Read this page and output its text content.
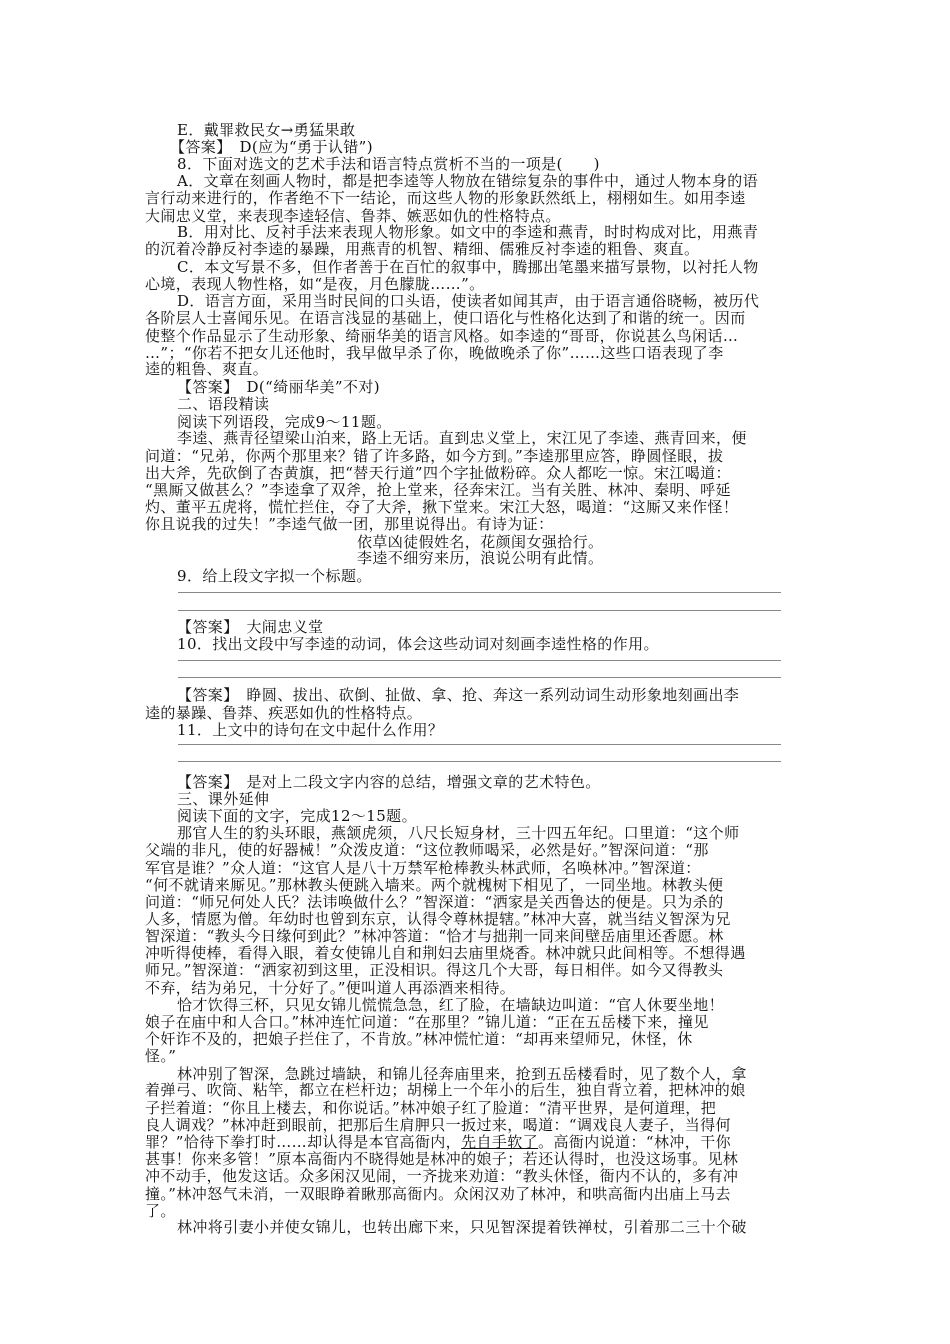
E．戴罪救民女→勇猛果敢
【答案】　D(应为“勇于认错”)
8．下面对选文的艺术手法和语言特点赏析不当的一项是(　　)
A．文章在刻画人物时，都是把李逵等人物放在错综复杂的事件中，通过人物本身的语
言行动来进行的，作者绝不下一结论，而这些人物的形象跃然纸上，栩栩如生。如用李逵
大闹忠义堂，来表现李逵轻信、鲁莽、嫉恶如仇的性格特点。
B．用对比、反衬手法来表现人物形象。如文中的李逵和燕青，时时构成对比，用燕青
的沉着冷静反衬李逵的暴躁，用燕青的机智、精细、儒雅反衬李逵的粗鲁、爽直。
C．本文写景不多，但作者善于在百忙的叙事中，腾挪出笔墨来描写景物，以衬托人物
心境，表现人物性格，如“是夜，月色朦胧……”。
D．语言方面，采用当时民间的口头语，使读者如闻其声，由于语言通俗晓畅，被历代
各阶层人士喜闻乐见。在语言浅显的基础上，使口语化与性格化达到了和谐的统一。因而
使整个作品显示了生动形象、绮丽华美的语言风格。如李逵的“哥哥，你说甚么鸟闲话…
…”；“你若不把女儿还他时，我早做早杀了你，晚做晚杀了你”……这些口语表现了李
逵的粗鲁、爽直。
【答案】　D(“绮丽华美”不对)
二、语段精读
阅读下列语段，完成9～11题。
李逵、燕青径望梁山泊来，路上无话。直到忠义堂上，宋江见了李逵、燕青回来，便
问道：“兄弟，你两个那里来？错了许多路，如今方到。”李逵那里应答，睁圆怪眼，拔
出大斧，先砍倒了杏黄旗，把“替天行道”四个字扯做粉碎。众人都吃一惊。宋江喝道：
“黑厮又做甚么？”李逵拿了双斧，抢上堂来，径奔宋江。当有关胜、林冲、秦明、呼延
灼、董平五虎将，慌忙拦住，夺了大斧，揪下堂来。宋江大怒，喝道：“这厮又来作怪！
你且说我的过失！”李逵气做一团，那里说得出。有诗为证：
依草凶徒假姓名，花颜闺女强拾行。
李逵不细穷来历，浪说公明有此情。
9．给上段文字拟一个标题。
【答案】　大闹忠义堂
10．找出文段中写李逵的动词，体会这些动词对刻画李逵性格的作用。
【答案】　睁圆、拔出、砍倒、扯做、拿、抢、奔这一系列动词生动形象地刻画出李
逵的暴躁、鲁莽、疾恶如仇的性格特点。
11．上文中的诗句在文中起什么作用？
【答案】　是对上二段文字内容的总结，增强文章的艺术特色。
三、课外延伸
阅读下面的文字，完成12～15题。
那官人生的豹头环眼，燕颔虎须，八尺长短身材，三十四五年纪。口里道：“这个师
父端的非凡，使的好器械！”众泼皮道：“这位教师喝采，必然是好。”智深问道：“那
军官是谁？”众人道：“这官人是八十万禁军枪棒教头林武师，名唤林冲。”智深道：
“何不就请来厮见。”那林教头便跳入墙来。两个就槐树下相见了，一同坐地。林教头便
问道：“师兄何处人氏？法讳唤做什么？”智深道：“洒家是关西鲁达的便是。只为杀的
人多，情愿为僧。年幼时也曾到东京，认得令尊林提辖。”林冲大喜，就当结义智深为兄
智深道：“教头今日缘何到此？”林冲答道：“恰才与拙荆一同来间壁岳庙里还香愿。林
冲听得使棒，看得入眼，着女使锦儿自和荆妇去庙里烧香。林冲就只此间相等。不想得遇
师兄。”智深道：“洒家初到这里，正没相识。得这几个大哥，每日相伴。如今又得教头
不弃，结为弟兄，十分好了。”便叫道人再添酒来相待。
恰才饮得三杯，只见女锦儿慌慌急急，红了脸，在墙缺边叫道：“官人休要坐地！
娘子在庙中和人合口。”林冲连忙问道：“在那里？”锦儿道：“正在五岳楼下来，撞见
个奸诈不及的，把娘子拦住了，不肯放。”林冲慌忙道：“却再来望师兄，休怪，休
怪。”
林冲别了智深，急跳过墙缺，和锦儿径奔庙里来，抢到五岳楼看时，见了数个人，拿
着弹弓、吹筒、粘竿，都立在栏杆边；胡梯上一个年小的后生，独自背立着，把林冲的娘
子拦着道：“你且上楼去，和你说话。”林冲娘子红了脸道：“清平世界，是何道理，把
良人调戏？”林冲赶到眼前，把那后生肩胛只一扳过来，喝道：“调戏良人妻子，当得何
罪？”恰待下拳打时……却认得是本官高衙内，先自手软了。高衙内说道：“林冲，干你
甚事！你来多管！”原本高衙内不晓得她是林冲的娘子；若还认得时，也没这场事。见林
冲不动手，他发这话。众多闲汉见闹，一齐拢来劝道：“教头休怪，衙内不认的，多有冲
撞。”林冲怒气未消，一双眼睁着瞅那高衙内。众闲汉劝了林冲，和哄高衙内出庙上马去
了。
林冲将引妻小并使女锦儿，也转出廊下来，只见智深提着铁禅杖，引着那二三十个破
